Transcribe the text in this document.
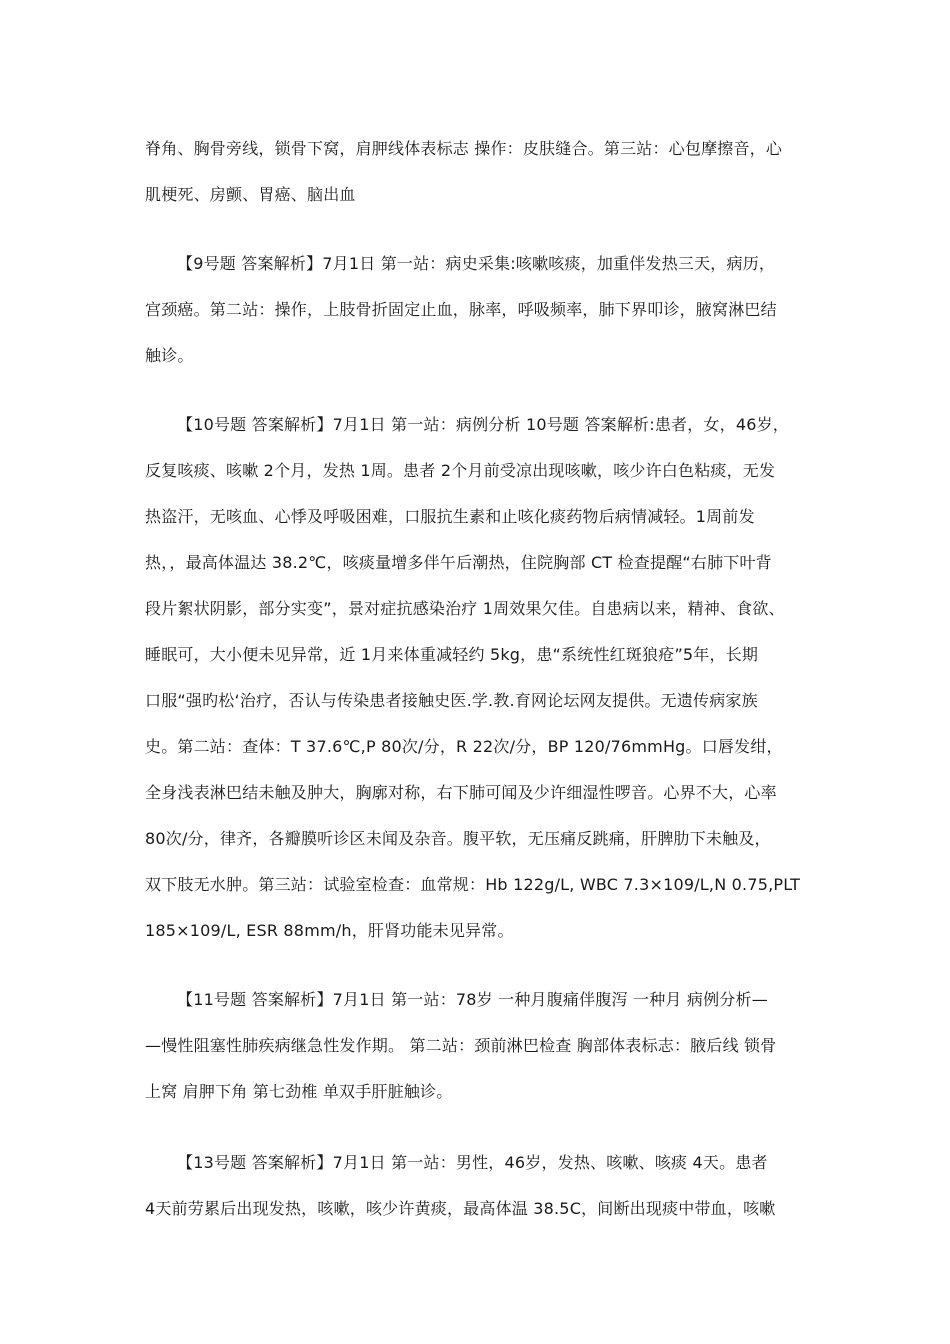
脊角、胸骨旁线，锁骨下窝，肩胛线体表标志 操作：皮肤缝合。第三站：心包摩擦音，心
肌梗死、房颤、胃癌、脑出血
【9号题 答案解析】7月1日 第一站：病史采集:咳嗽咳痰，加重伴发热三天，病历，
宫颈癌。第二站：操作，上肢骨折固定止血，脉率，呼吸频率，肺下界叩诊，腋窝淋巴结
触诊。
【10号题 答案解析】7月1日 第一站：病例分析 10号题 答案解析:患者，女，46岁，
反复咳痰、咳嗽 2个月，发热 1周。患者 2个月前受凉出现咳嗽，咳少许白色粘痰，无发
热盗汗，无咳血、心悸及呼吸困难，口服抗生素和止咳化痰药物后病情减轻。1周前发
热，，最高体温达 38.2℃，咳痰量增多伴午后潮热，住院胸部 CT 检查提醒“右肺下叶背
段片絮状阴影，部分实变”，景对症抗感染治疗 1周效果欠佳。自患病以来，精神、食欲、
睡眠可，大小便未见异常，近 1月来体重减轻约 5kg，患“系统性红斑狼疮”5年，长期
口服“强旳松‘治疗，否认与传染患者接触史医.学.教.育网论坛网友提供。无遗传病家族
史。第二站：查体：T 37.6℃,P 80次/分，R 22次/分，BP 120/76mmHg。口唇发绀，
全身浅表淋巴结未触及肿大，胸廓对称，右下肺可闻及少许细湿性啰音。心界不大，心率
80次/分，律齐，各瓣膜听诊区未闻及杂音。腹平软，无压痛反跳痛，肝脾肋下未触及，
双下肢无水肿。第三站：试验室检查：血常规：Hb 122g/L, WBC 7.3×109/L,N 0.75,PLT
185×109/L, ESR 88mm/h，肝肾功能未见异常。
【11号题 答案解析】7月1日 第一站：78岁 一种月腹痛伴腹泻 一种月 病例分析—
—慢性阻塞性肺疾病继急性发作期。 第二站：颈前淋巴检查 胸部体表标志：腋后线 锁骨
上窝 肩胛下角 第七劲椎 单双手肝脏触诊。
【13号题 答案解析】7月1日 第一站：男性，46岁，发热、咳嗽、咳痰 4天。患者
4天前劳累后出现发热，咳嗽，咳少许黄痰，最高体温 38.5C，间断出现痰中带血，咳嗽
